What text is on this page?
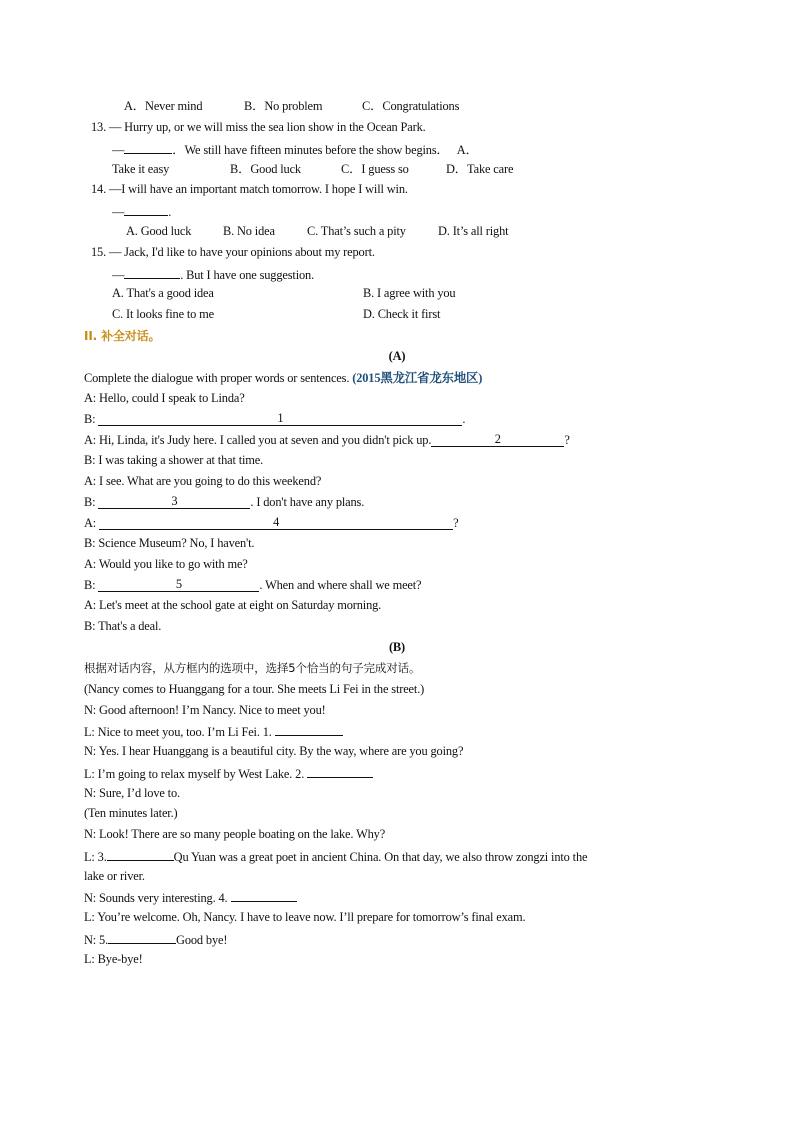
A．Never mind	B．No problem	C．Congratulations
13. — Hurry up, or we will miss the sea lion show in the Ocean Park.
—	．We still have fifteen minutes before the show begins． A．
Take it easy	B．Good luck	C．I guess so	D．Take care
14. —I will have an important match tomorrow. I hope I will win.
—	.
A. Good luck	B. No idea	C. That’s such a pity	D. It’s all right
15. — Jack, I'd like to have your opinions about my report.
—	. But I have one suggestion.
A. That's a good idea	B. I agree with you
C. It looks fine to me	D. Check it first
II. 补全对话。
(A)
Complete the dialogue with proper words or sentences. (2015黑龙江省龙东地区)
A: Hello, could I speak to Linda?
B:	1	.
A: Hi, Linda, it's Judy here. I called you at seven and you didn't pick up.	2	?
B: I was taking a shower at that time.
A: I see. What are you going to do this weekend?
B:	3	. I don't have any plans.
A:	4	?
B: Science Museum? No, I haven't.
A: Would you like to go with me?
B:	5	. When and where shall we meet?
A: Let's meet at the school gate at eight on Saturday morning.
B: That's a deal.
(B)
根据对话内容，从方框内的选项中，选择5个恰当的句子完成对话。
(Nancy comes to Huanggang for a tour. She meets Li Fei in the street.)
N: Good afternoon! I’m Nancy. Nice to meet you!
L: Nice to meet you, too. I’m Li Fei. 1.
N: Yes. I hear Huanggang is a beautiful city. By the way, where are you going?
L: I’m going to relax myself by West Lake. 2.
N: Sure, I’d love to.
(Ten minutes later.)
N: Look! There are so many people boating on the lake. Why?
L: 3.	Qu Yuan was a great poet in ancient China. On that day, we also throw zongzi into the
lake or river.
N: Sounds very interesting. 4.
L: You’re welcome. Oh, Nancy. I have to leave now. I’ll prepare for tomorrow’s final exam.
N: 5.	Good bye!
L: Bye-bye!
